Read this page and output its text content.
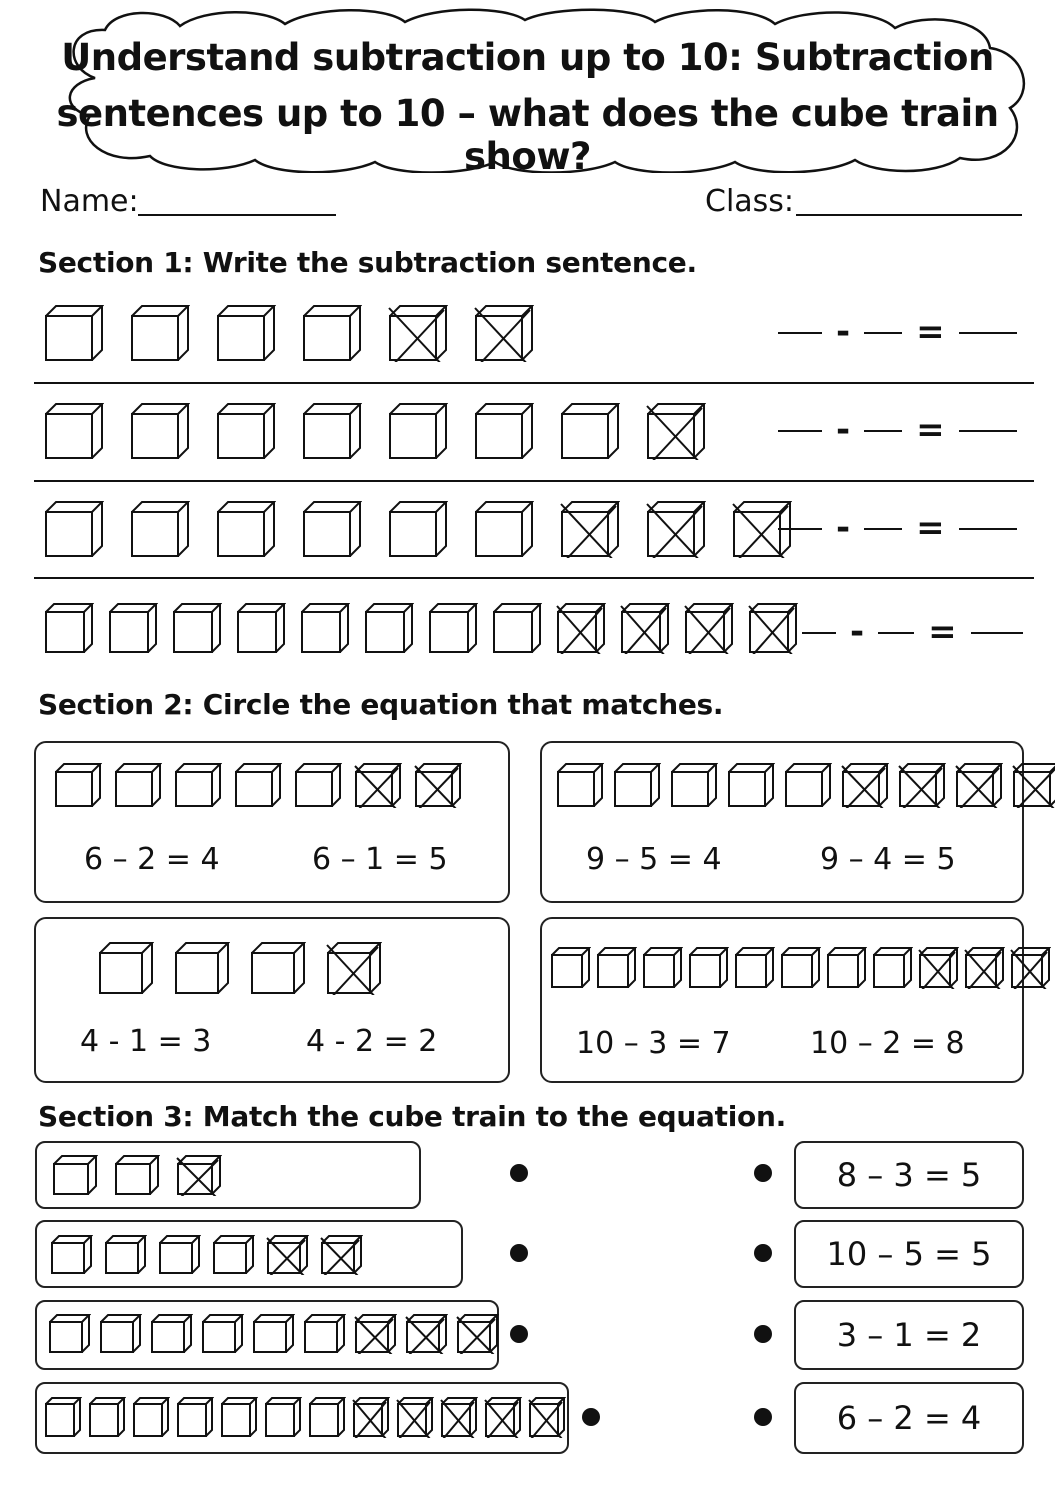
Understand subtraction up to 10: Subtraction
sentences up to 10 – what does the cube train show?
Name:	Class:
Section 1: Write the subtraction sentence.
- =
- =
- =
- =
Section 2: Circle the equation that matches.
6 – 2 = 4	6 – 1 = 5	9 – 5 = 4	9 – 4 = 5
4 - 1 = 3	4 - 2 = 2	10 – 3 = 7	10 – 2 = 8
Section 3: Match the cube train to the equation.
8 – 3 = 5
10 – 5 = 5
3 – 1 = 2
6 – 2 = 4
